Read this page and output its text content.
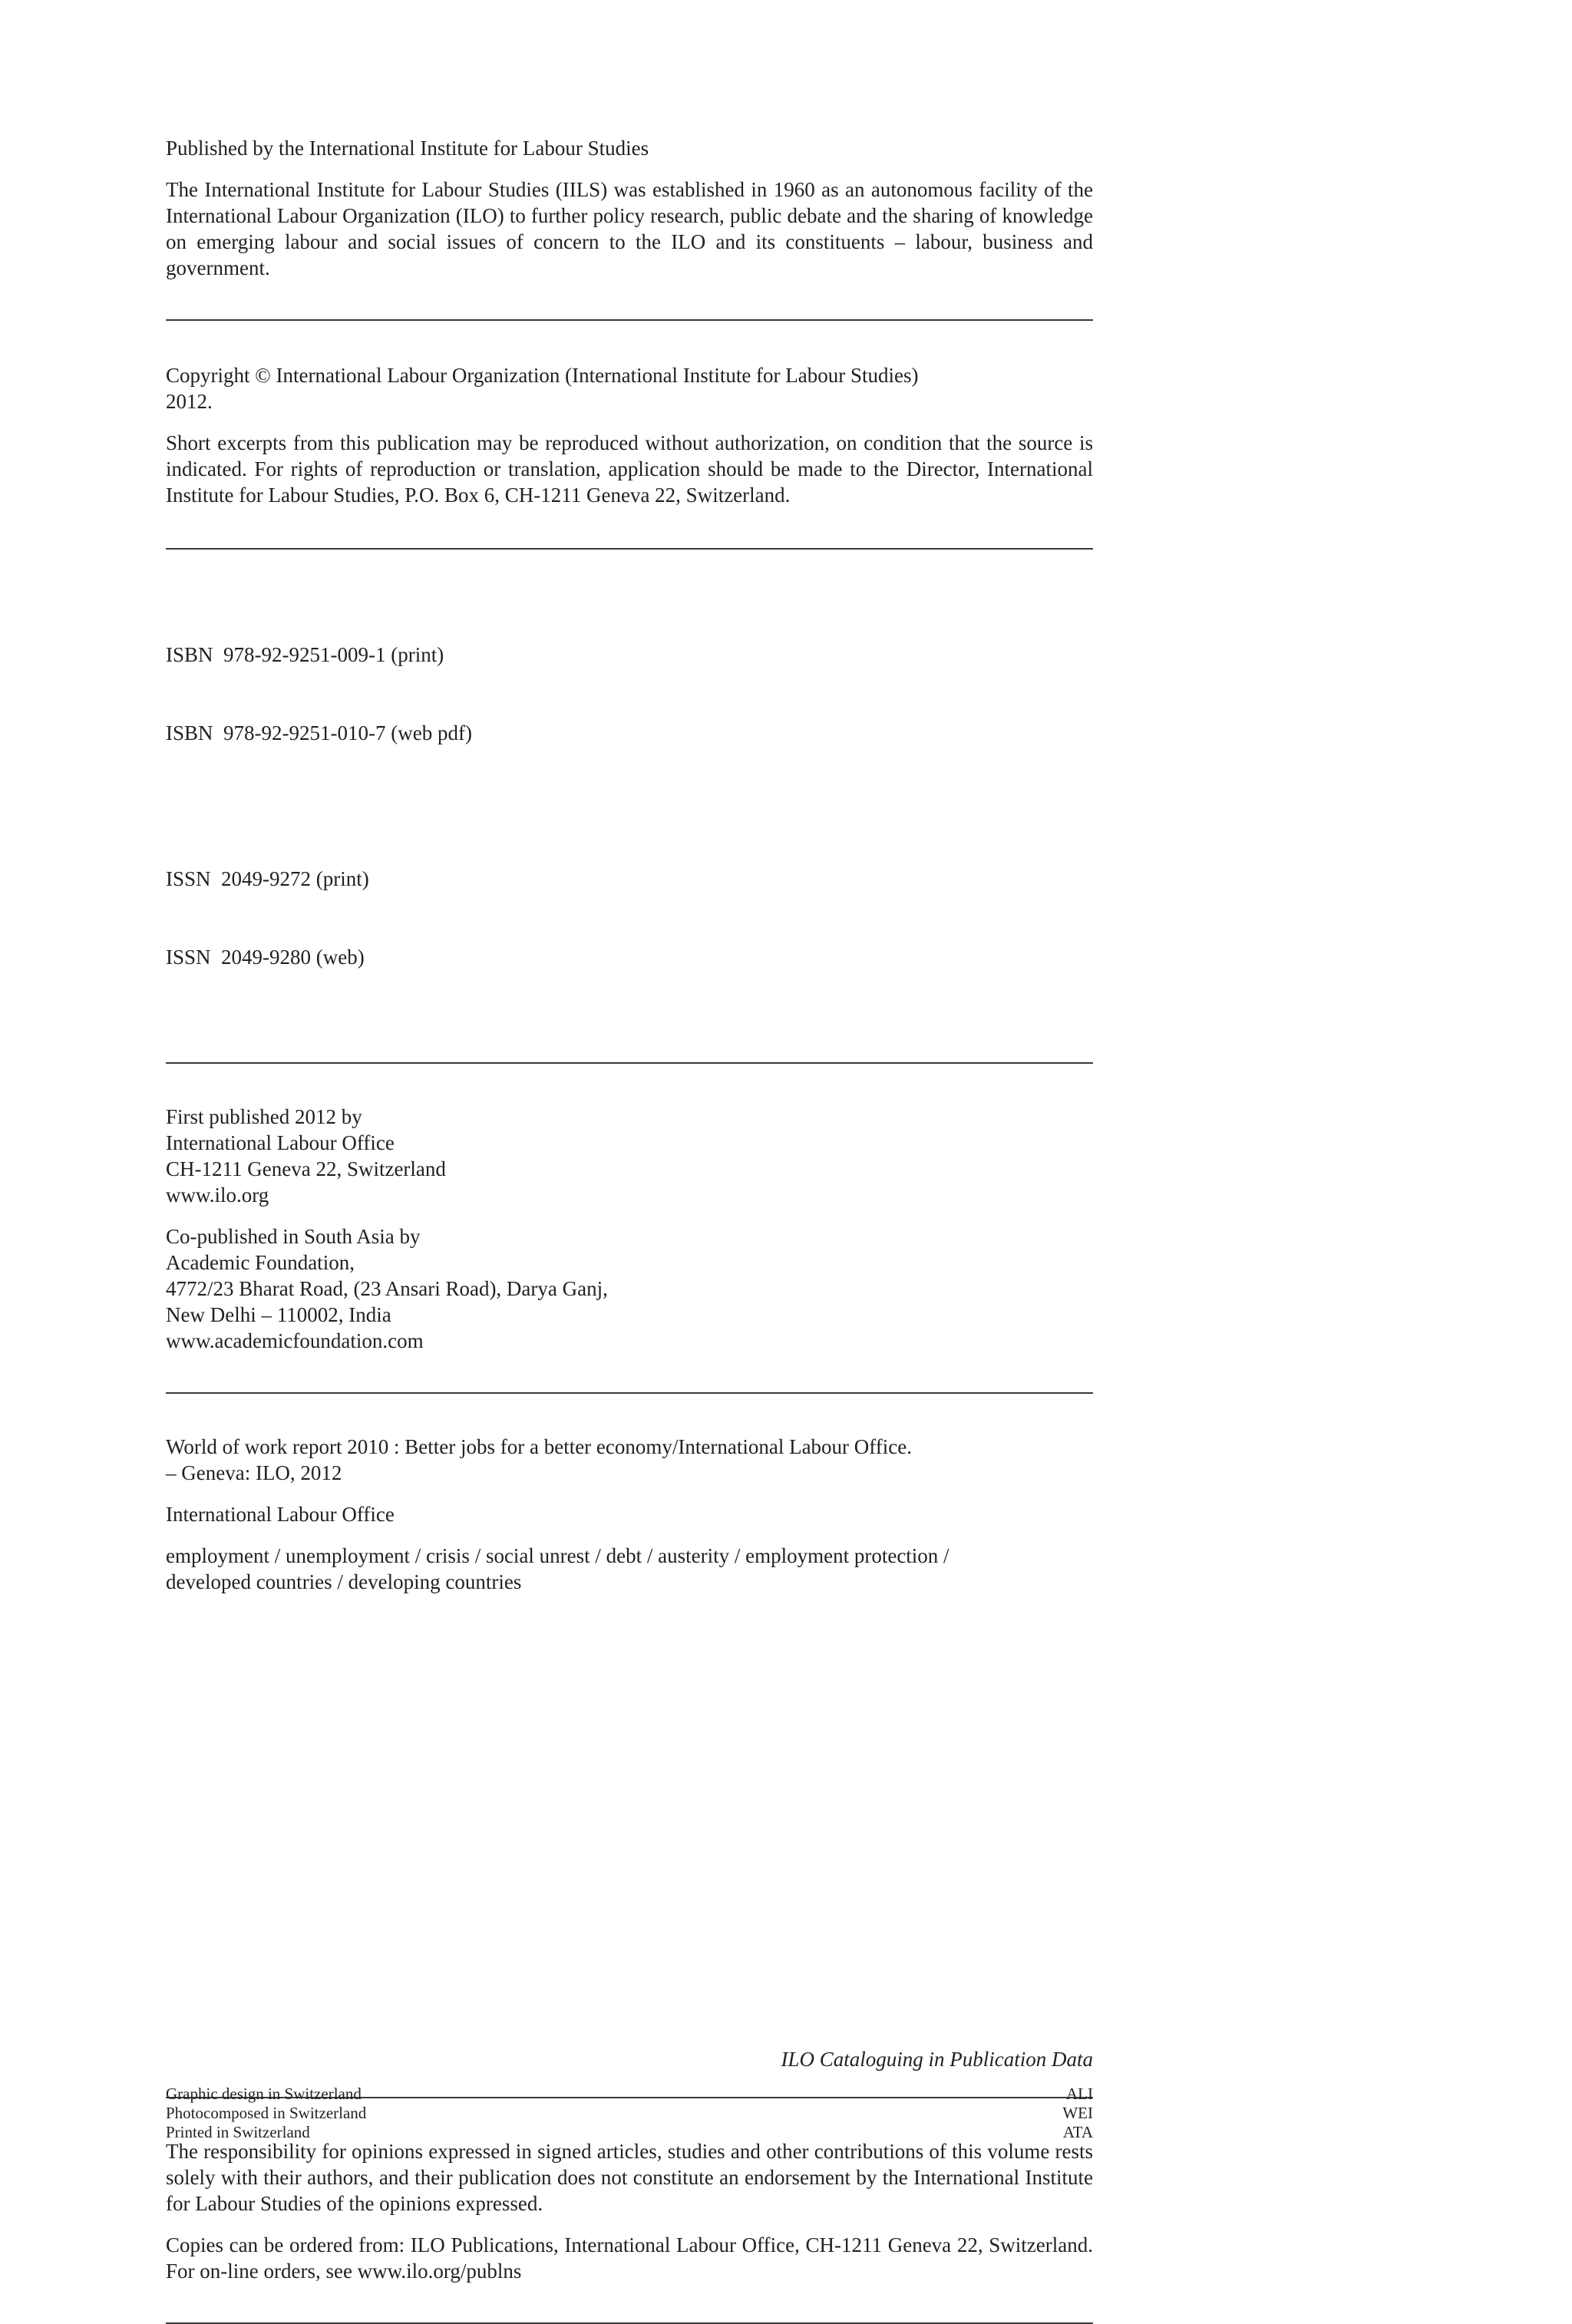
Published by the International Institute for Labour Studies

The International Institute for Labour Studies (IILS) was established in 1960 as an autonomous facility of the International Labour Organization (ILO) to further policy research, public debate and the sharing of knowledge on emerging labour and social issues of concern to the ILO and its constituents – labour, business and government.

Copyright © International Labour Organization (International Institute for Labour Studies)
2012.

Short excerpts from this publication may be reproduced without authorization, on condition that the source is indicated. For rights of reproduction or translation, application should be made to the Director, International Institute for Labour Studies, P.O. Box 6, CH-1211 Geneva 22, Switzerland.

ISBN  978-92-9251-009-1 (print)

ISBN  978-92-9251-010-7 (web pdf)

ISSN  2049-9272 (print)

ISSN  2049-9280 (web)

First published 2012 by
International Labour Office
CH-1211 Geneva 22, Switzerland
www.ilo.org

Co-published in South Asia by
Academic Foundation,
4772/23 Bharat Road, (23 Ansari Road), Darya Ganj,
New Delhi – 110002, India
www.academicfoundation.com

World of work report 2010 : Better jobs for a better economy/International Labour Office.
– Geneva: ILO, 2012

International Labour Office

employment / unemployment / crisis / social unrest / debt / austerity / employment protection /
developed countries / developing countries

ILO Cataloguing in Publication Data

The responsibility for opinions expressed in signed articles, studies and other contributions of this volume rests solely with their authors, and their publication does not constitute an endorsement by the International Institute for Labour Studies of the opinions expressed.

Copies can be ordered from: ILO Publications, International Labour Office, CH-1211 Geneva 22, Switzerland. For on-line orders, see www.ilo.org/publns

Graphic design in Switzerland
Photocomposed in Switzerland
Printed in Switzerland
ALI
WEI
ATA
